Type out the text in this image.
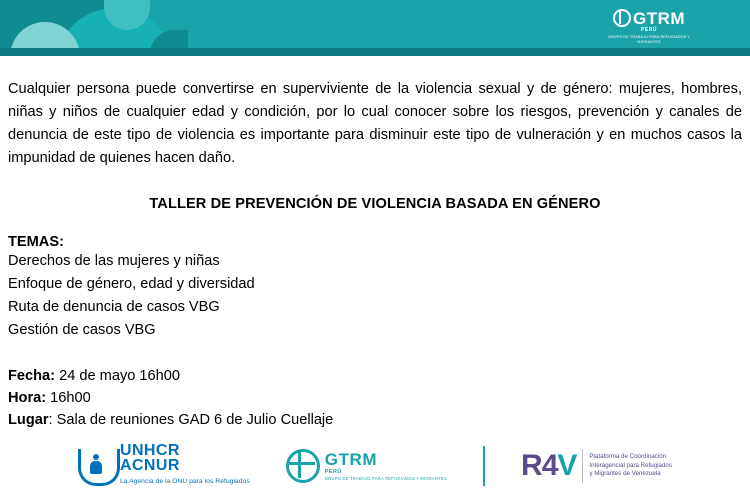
GTRM
PERÚ
GRUPO DE TRABAJO PARA REFUGIADOS Y MIGRANTES

Cualquier persona puede convertirse en superviviente de la violencia sexual y de género: mujeres, hombres, niñas y niños de cualquier edad y condición, por lo cual conocer sobre los riesgos, prevención y canales de denuncia de este tipo de violencia es importante para disminuir este tipo de vulneración y en muchos casos la impunidad de quienes hacen daño.

TALLER DE PREVENCIÓN DE VIOLENCIA BASADA EN GÉNERO
TEMAS:
Derechos de las mujeres y niñas
Enfoque de género, edad y diversidad
Ruta de denuncia de casos VBG
Gestión de casos VBG
Fecha: 24 de mayo 16h00
Hora: 16h00
Lugar: Sala de reuniones GAD 6 de Julio Cuellaje
UNHCR
ACNUR
La Agencia de la ONU para los Refugiados
GTRM
PERÚ
GRUPO DE TRABAJO PARA REFUGIADOS Y MIGRANTES R4V Plataforma de Coordinación
Interagencial para Refugiados
y Migrantes de Venezuela
